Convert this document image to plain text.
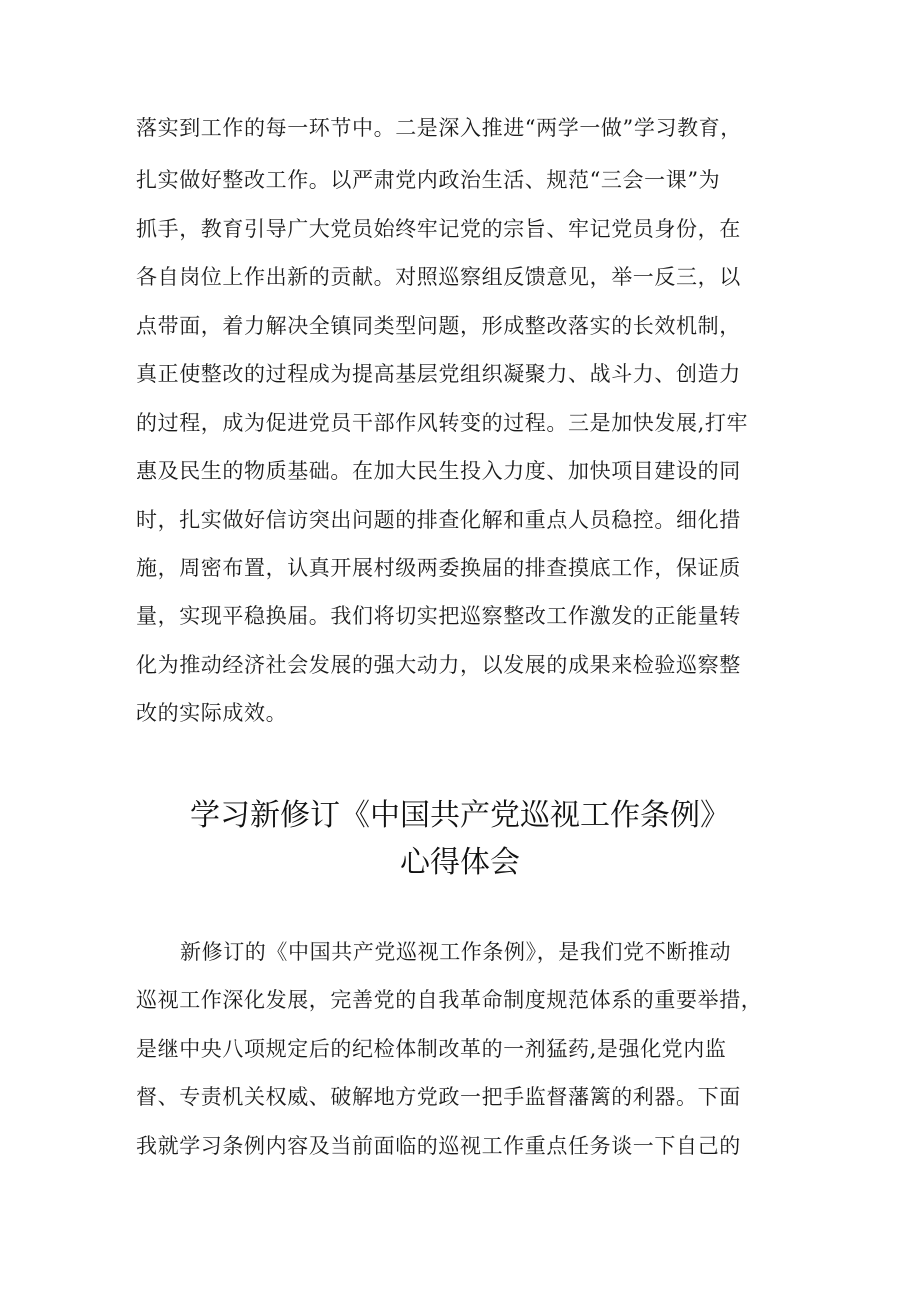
落实到工作的每一环节中。二是深入推进“两学一做”学习教育，
扎实做好整改工作。以严肃党内政治生活、规范“三会一课”为
抓手，教育引导广大党员始终牢记党的宗旨、牢记党员身份，在
各自岗位上作出新的贡献。对照巡察组反馈意见，举一反三，以
点带面，着力解决全镇同类型问题，形成整改落实的长效机制，
真正使整改的过程成为提高基层党组织凝聚力、战斗力、创造力
的过程，成为促进党员干部作风转变的过程。三是加快发展,打牢
惠及民生的物质基础。在加大民生投入力度、加快项目建设的同
时，扎实做好信访突出问题的排查化解和重点人员稳控。细化措
施，周密布置，认真开展村级两委换届的排查摸底工作，保证质
量，实现平稳换届。我们将切实把巡察整改工作激发的正能量转
化为推动经济社会发展的强大动力，以发展的成果来检验巡察整
改的实际成效。
学习新修订《中国共产党巡视工作条例》
心得体会
新修订的《中国共产党巡视工作条例》，是我们党不断推动
巡视工作深化发展，完善党的自我革命制度规范体系的重要举措，
是继中央八项规定后的纪检体制改革的一剂猛药,是强化党内监
督、专责机关权威、破解地方党政一把手监督藩篱的利器。下面
我就学习条例内容及当前面临的巡视工作重点任务谈一下自己的
